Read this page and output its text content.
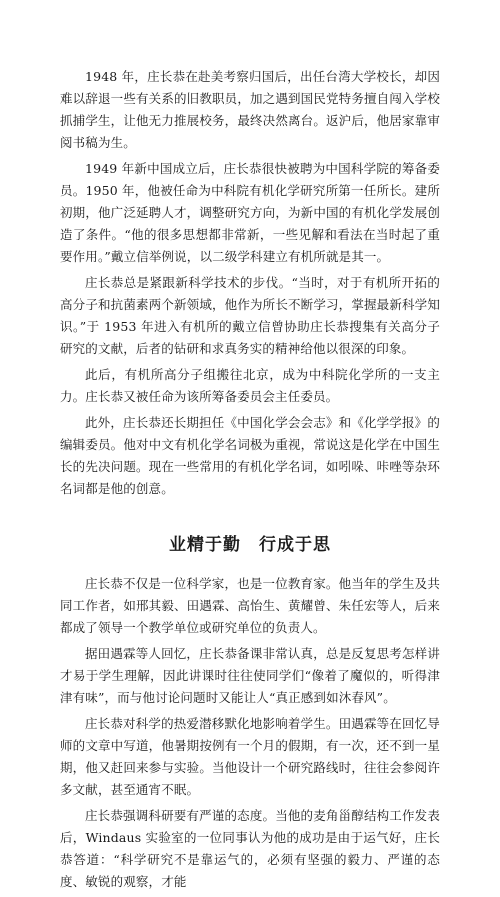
1948 年，庄长恭在赴美考察归国后，出任台湾大学校长，却因难以辞退一些有关系的旧教职员，加之遇到国民党特务擅自闯入学校抓捕学生，让他无力推展校务，最终决然离台。返沪后，他居家靠审阅书稿为生。

1949 年新中国成立后，庄长恭很快被聘为中国科学院的筹备委员。1950 年，他被任命为中科院有机化学研究所第一任所长。建所初期，他广泛延聘人才，调整研究方向，为新中国的有机化学发展创造了条件。“他的很多思想都非常新，一些见解和看法在当时起了重要作用。”戴立信举例说，以二级学科建立有机所就是其一。

庄长恭总是紧跟新科学技术的步伐。“当时，对于有机所开拓的高分子和抗菌素两个新领域，他作为所长不断学习，掌握最新科学知识。”于 1953 年进入有机所的戴立信曾协助庄长恭搜集有关高分子研究的文献，后者的钻研和求真务实的精神给他以很深的印象。

此后，有机所高分子组搬往北京，成为中科院化学所的一支主力。庄长恭又被任命为该所筹备委员会主任委员。

此外，庄长恭还长期担任《中国化学会会志》和《化学学报》的编辑委员。他对中文有机化学名词极为重视，常说这是化学在中国生长的先决问题。现在一些常用的有机化学名词，如吲哚、咔唑等杂环名词都是他的创意。

业精于勤　行成于思

庄长恭不仅是一位科学家，也是一位教育家。他当年的学生及共同工作者，如邢其毅、田遇霖、高怡生、黄耀曾、朱任宏等人，后来都成了领导一个教学单位或研究单位的负责人。

据田遇霖等人回忆，庄长恭备课非常认真，总是反复思考怎样讲才易于学生理解，因此讲课时往往使同学们“像着了魔似的，听得津津有味”，而与他讨论问题时又能让人“真正感到如沐春风”。

庄长恭对科学的热爱潜移默化地影响着学生。田遇霖等在回忆导师的文章中写道，他暑期按例有一个月的假期，有一次，还不到一星期，他又赶回来参与实验。当他设计一个研究路线时，往往会参阅许多文献，甚至通宵不眠。

庄长恭强调科研要有严谨的态度。当他的麦角甾醇结构工作发表后，Windaus 实验室的一位同事认为他的成功是由于运气好，庄长恭答道：“科学研究不是靠运气的，必须有坚强的毅力、严谨的态度、敏锐的观察，才能
